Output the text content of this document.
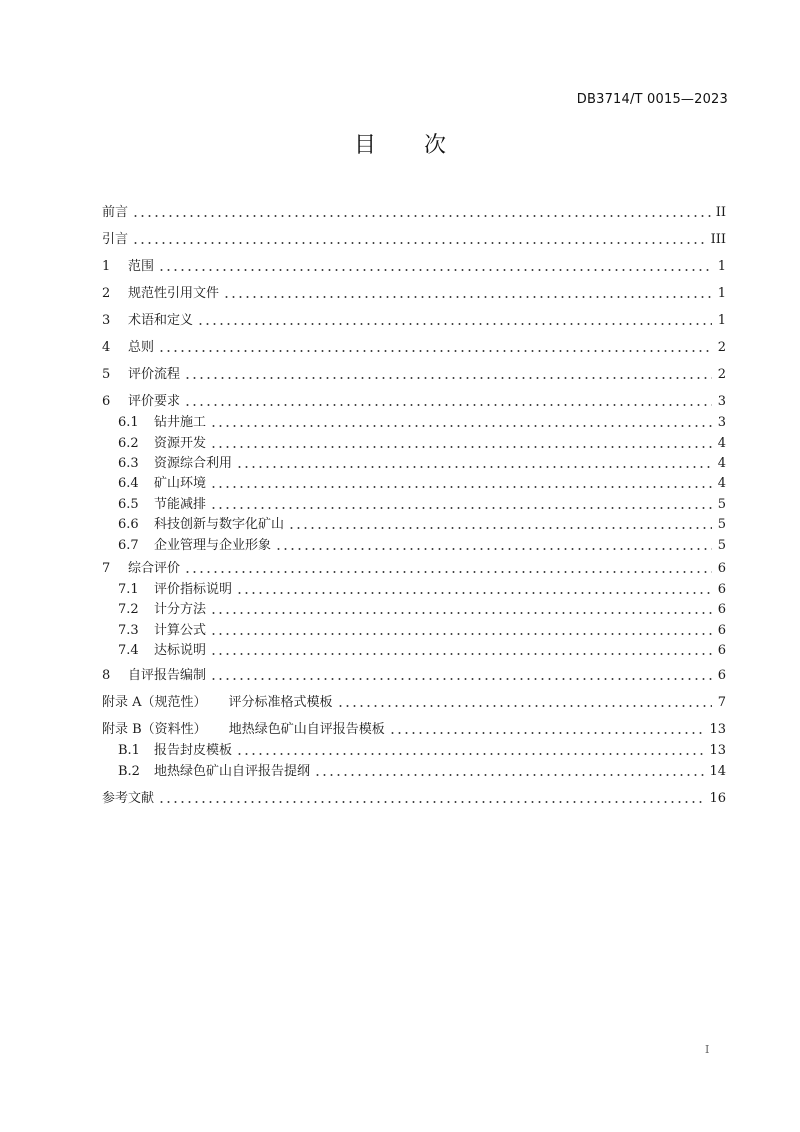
DB3714/T 0015—2023
目次
前言	II
引言	III
1	范围	1
2	规范性引用文件	1
3	术语和定义	1
4	总则	2
5	评价流程	2
6	评价要求	3
6.1	钻井施工	3
6.2	资源开发	4
6.3	资源综合利用	4
6.4	矿山环境	4
6.5	节能减排	5
6.6	科技创新与数字化矿山	5
6.7	企业管理与企业形象	5
7	综合评价	6
7.1	评价指标说明	6
7.2	计分方法	6
7.3	计算公式	6
7.4	达标说明	6
8	自评报告编制	6
附录 A（规范性） 评分标准格式模板	7
附录 B（资料性） 地热绿色矿山自评报告模板	13
B.1	报告封皮模板	13
B.2	地热绿色矿山自评报告提纲	14
参考文献	16
I
